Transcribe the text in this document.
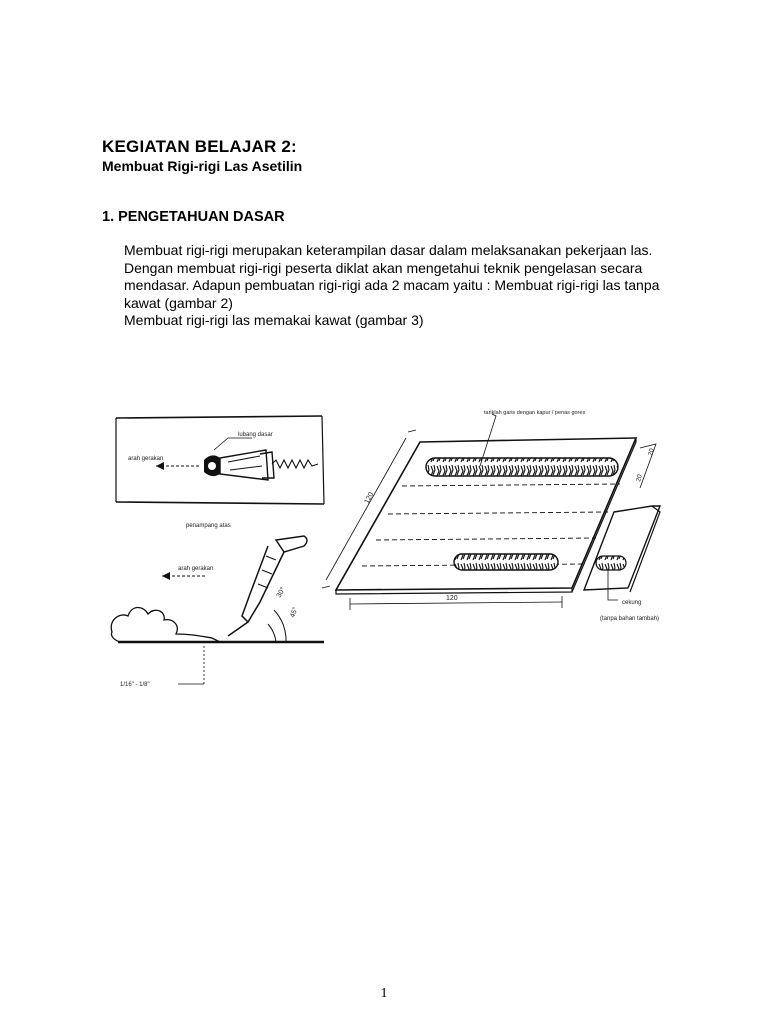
KEGIATAN BELAJAR 2:
Membuat Rigi-rigi Las Asetilin
1. PENGETAHUAN DASAR

Membuat rigi-rigi merupakan keterampilan dasar dalam melaksanakan pekerjaan las. Dengan membuat rigi-rigi peserta diklat akan mengetahui teknik pengelasan secara mendasar. Adapun pembuatan rigi-rigi ada 2 macam yaitu : Membuat rigi-rigi las tanpa kawat (gambar 2)

Membuat rigi-rigi las memakai kawat (gambar 3)

lubang dasar
arah gerakan
penampang atas
arah gerakan
30°
45°
1/16" - 1/8"
tariklah garis dengan kapur / penas gores
120
120
20
20
cekung
(tanpa bahan tambah)
1
